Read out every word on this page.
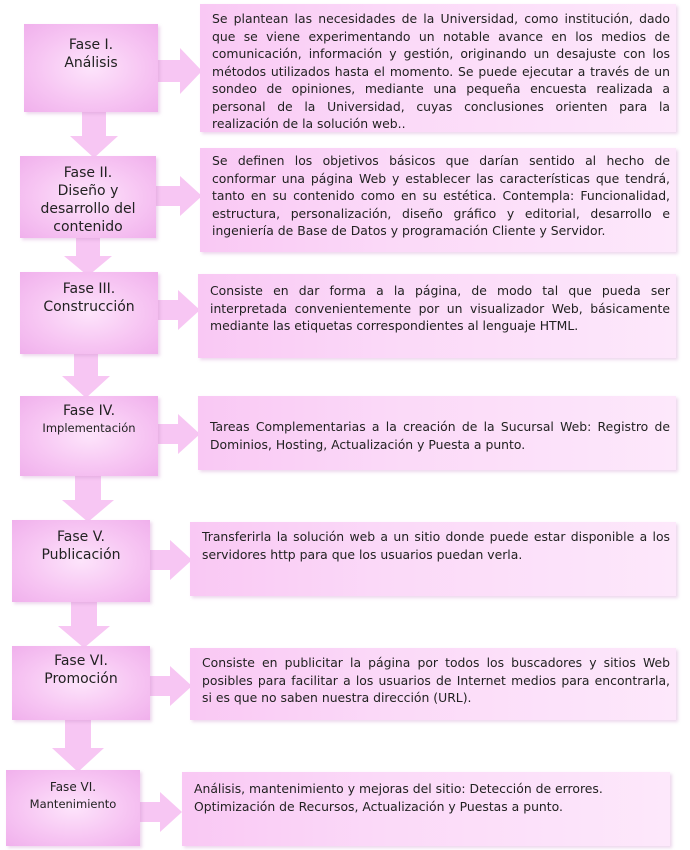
Fase I.
Análisis
Se plantean las necesidades de la Universidad, como institución, dado que se viene experimentando un notable avance en los medios de comunicación, información y gestión, originando un desajuste con los métodos utilizados hasta el momento. Se puede ejecutar a través de un sondeo de opiniones, mediante una pequeña encuesta realizada a personal de la Universidad, cuyas conclusiones orienten para la realización de la solución web..
Fase II.
Diseño y desarrollo del contenido
Se definen los objetivos básicos que darían sentido al hecho de conformar una página Web y establecer las características que tendrá, tanto en su contenido como en su estética. Contempla: Funcionalidad, estructura, personalización, diseño gráfico y editorial, desarrollo e ingeniería de Base de Datos y programación Cliente y Servidor.
Fase III.
Construcción
Consiste en dar forma a la página, de modo tal que pueda ser interpretada convenientemente por un visualizador Web, básicamente mediante las etiquetas correspondientes al lenguaje HTML.
Fase IV.
Implementación	Tareas Complementarias a la creación de la Sucursal Web: Registro de Dominios, Hosting, Actualización y Puesta a punto.
Fase V.
Publicación
Transferirla la solución web a un sitio donde puede estar disponible a los servidores http para que los usuarios puedan verla.
Fase VI.
Promoción
Consiste en publicitar la página por todos los buscadores y sitios Web posibles para facilitar a los usuarios de Internet medios para encontrarla, si es que no saben nuestra dirección (URL).
Fase VI.
Mantenimiento
Análisis, mantenimiento y mejoras del sitio: Detección de errores. Optimización de Recursos, Actualización y Puestas a punto.
